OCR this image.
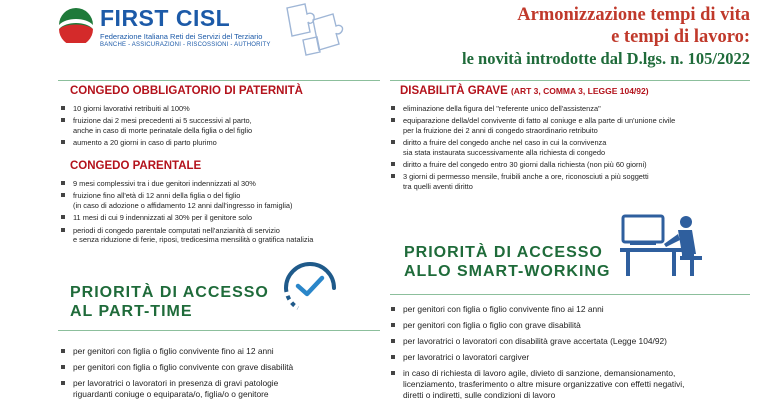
FIRST CISL
Federazione Italiana Reti dei Servizi del Terziario
BANCHE - ASSICURAZIONI - RISCOSSIONI - AUTHORITY
Armonizzazione tempi di vita
e tempi di lavoro:
le novità introdotte dal D.lgs. n. 105/2022
CONGEDO OBBLIGATORIO DI PATERNITÀ
10 giorni lavorativi retribuiti al 100%
fruizione dai 2 mesi precedenti ai 5 successivi al parto,
anche in caso di morte perinatale della figlia o del figlio
aumento a 20 giorni in caso di parto plurimo
CONGEDO PARENTALE
9 mesi complessivi tra i due genitori indennizzati al 30%
fruizione fino all'età di 12 anni della figlia o del figlio
(in caso di adozione o affidamento 12 anni dall'ingresso in famiglia)
11 mesi di cui 9 indennizzati al 30% per il genitore solo
periodi di congedo parentale computati nell'anzianità di servizio
e senza riduzione di ferie, riposi, tredicesima mensilità o gratifica natalizia
PRIORITÀ DI ACCESSO
AL PART-TIME
per genitori con figlia o figlio convivente fino ai 12 anni
per genitori con figlia o figlio convivente con grave disabilità
per lavoratrici o lavoratori in presenza di gravi patologie
riguardanti coniuge o equiparata/o, figlia/o o genitore
DISABILITÀ GRAVE (ART 3, COMMA 3, LEGGE 104/92)
eliminazione della figura del "referente unico dell'assistenza"
equiparazione della/del convivente di fatto al coniuge e alla parte di un'unione civile
per la fruizione dei 2 anni di congedo straordinario retribuito
diritto a fruire del congedo anche nel caso in cui la convivenza
sia stata instaurata successivamente alla richiesta di congedo
diritto a fruire del congedo entro 30 giorni dalla richiesta (non più 60 giorni)
3 giorni di permesso mensile, fruibili anche a ore, riconosciuti a più soggetti
tra quelli aventi diritto
PRIORITÀ DI ACCESSO
ALLO SMART-WORKING
per genitori con figlia o figlio convivente fino ai 12 anni
per genitori con figlia o figlio con grave disabilità
per lavoratrici o lavoratori con disabilità grave accertata (Legge 104/92)
per lavoratrici o lavoratori cargiver
in caso di richiesta di lavoro agile, divieto di sanzione, demansionamento,
licenziamento, trasferimento o altre misure organizzative con effetti negativi,
diretti o indiretti, sulle condizioni di lavoro
